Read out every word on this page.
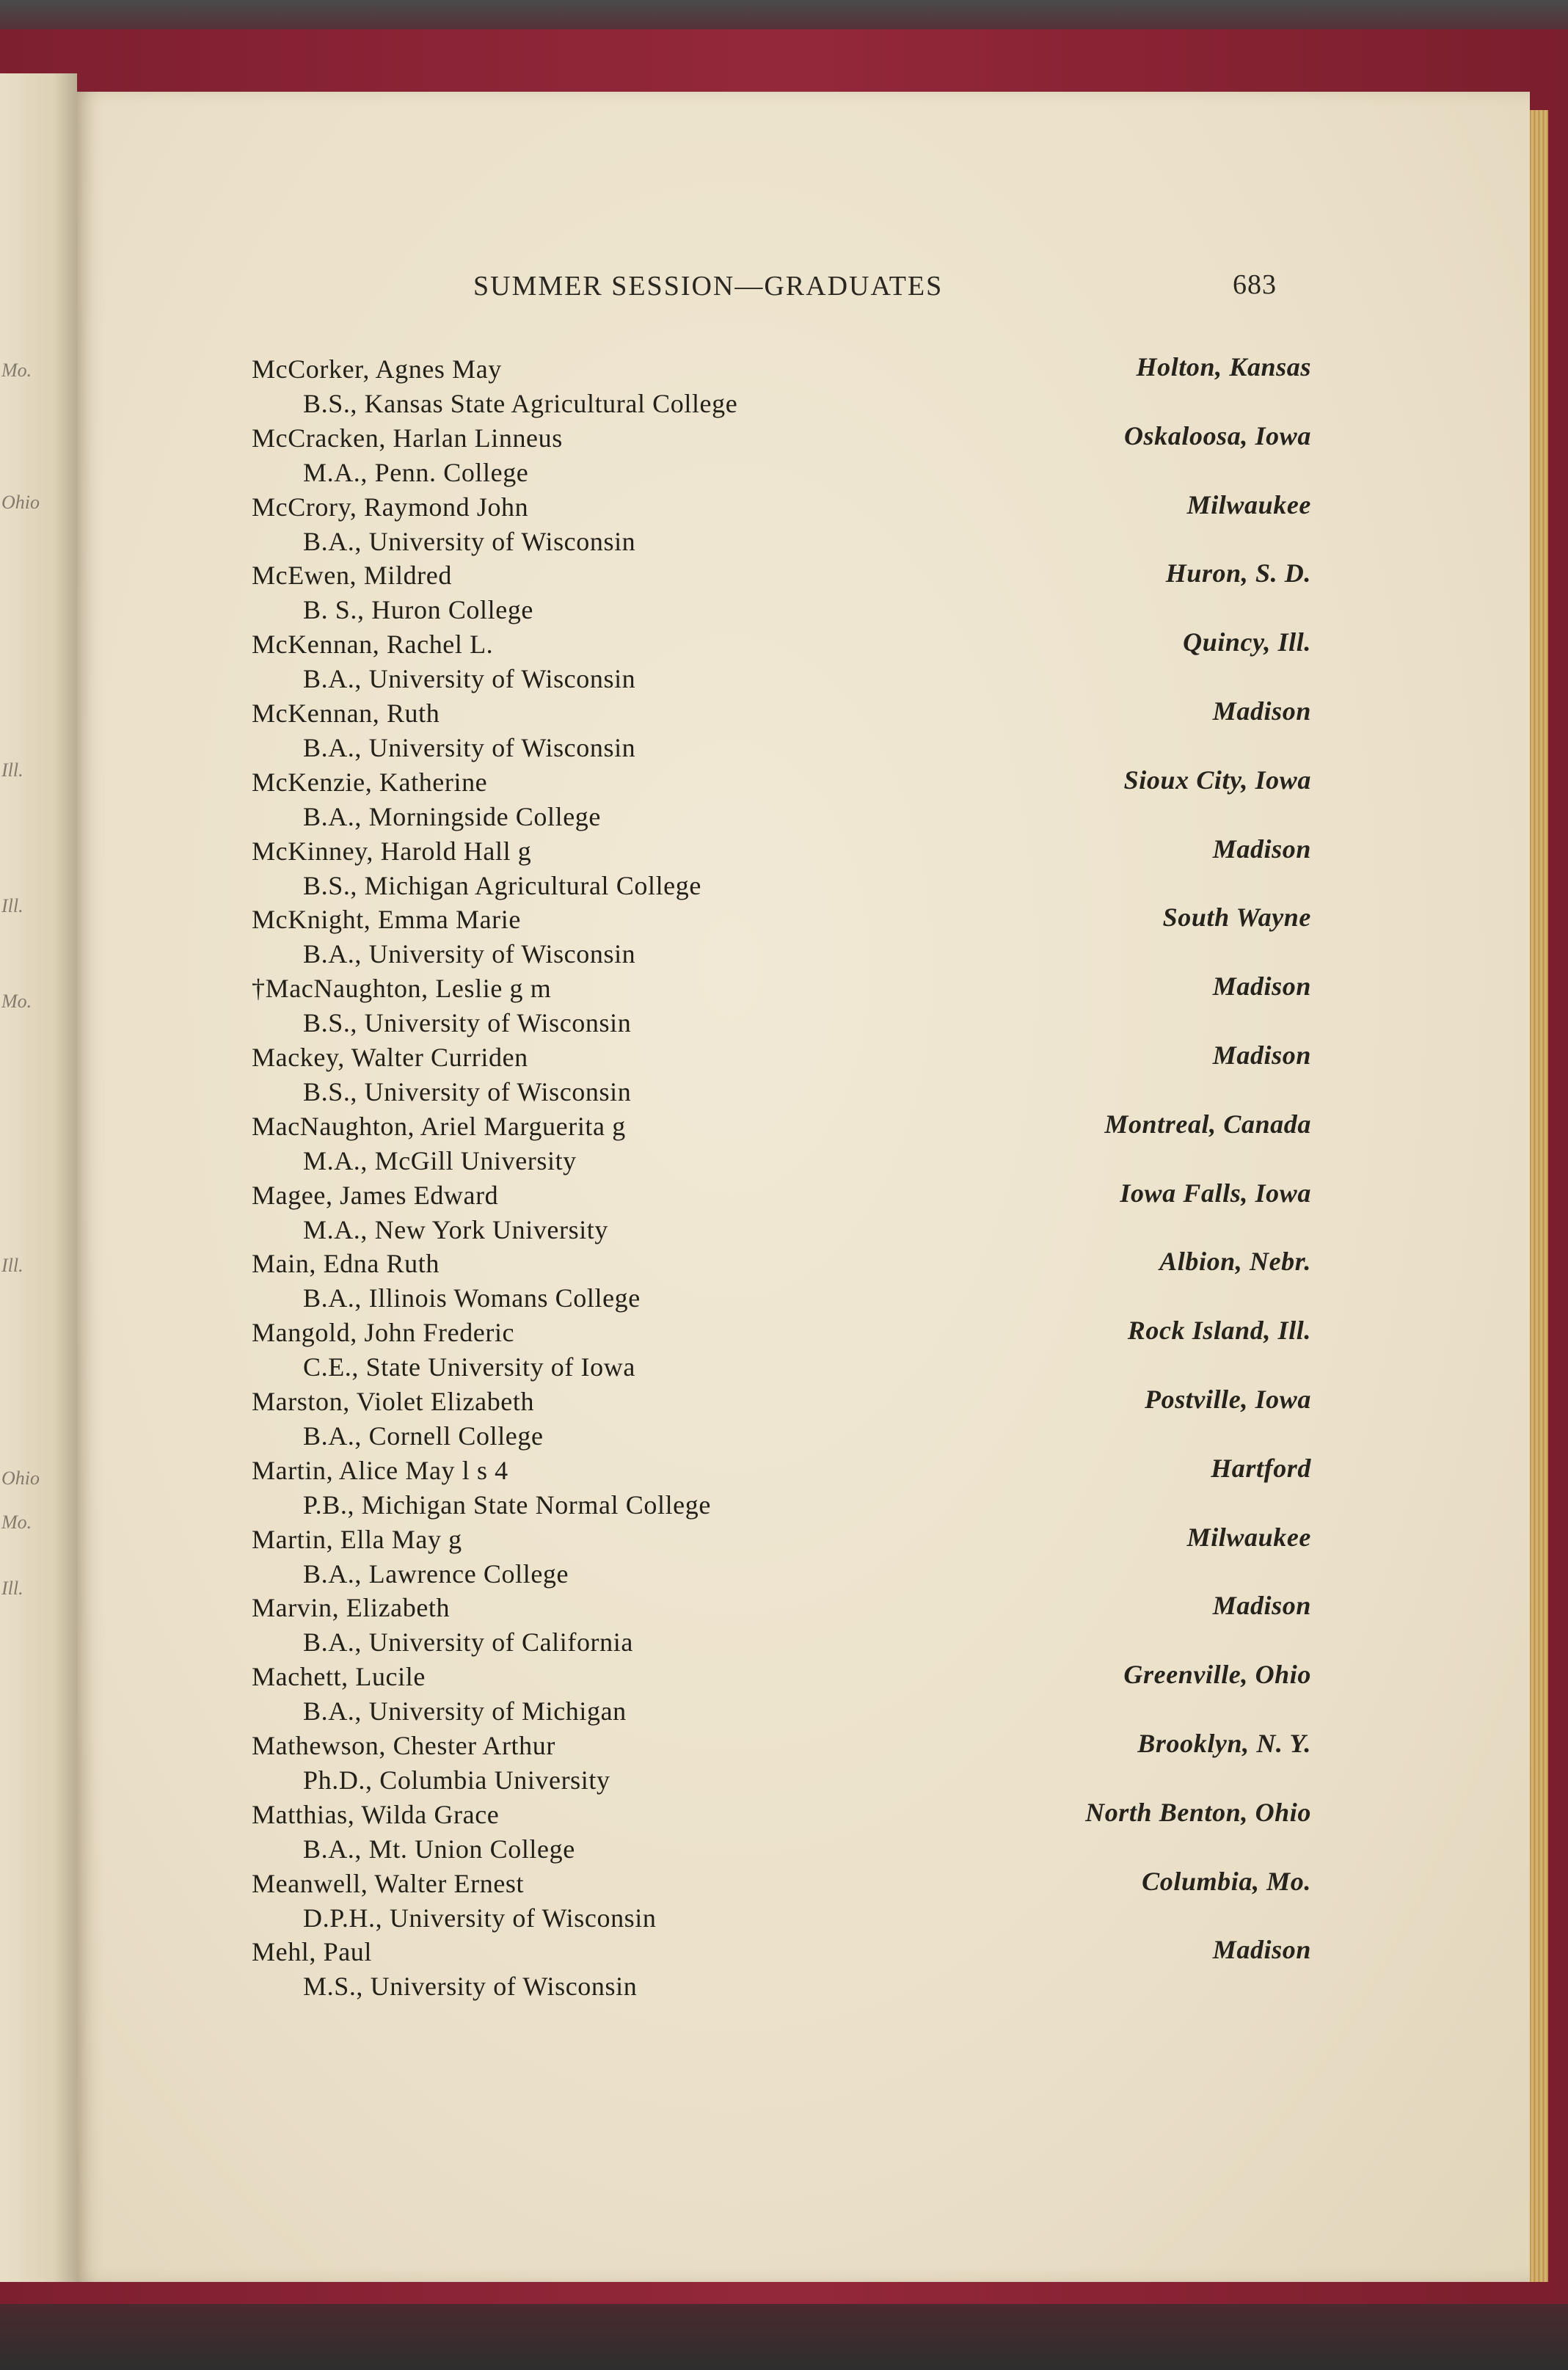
Mo.
Ohio
Ill.
Ill.
Mo.
Ill.
Ohio
Mo.
Ill.
SUMMER SESSION—GRADUATES	683
McCorker, Agnes May	Holton, Kansas
B.S., Kansas State Agricultural College
McCracken, Harlan Linneus	Oskaloosa, Iowa
M.A., Penn. College
McCrory, Raymond John	Milwaukee
B.A., University of Wisconsin
McEwen, Mildred	Huron, S. D.
B. S., Huron College
McKennan, Rachel L.	Quincy, Ill.
B.A., University of Wisconsin
McKennan, Ruth	Madison
B.A., University of Wisconsin
McKenzie, Katherine	Sioux City, Iowa
B.A., Morningside College
McKinney, Harold Hall g	Madison
B.S., Michigan Agricultural College
McKnight, Emma Marie	South Wayne
B.A., University of Wisconsin
†MacNaughton, Leslie g m	Madison
B.S., University of Wisconsin
Mackey, Walter Curriden	Madison
B.S., University of Wisconsin
MacNaughton, Ariel Marguerita g	Montreal, Canada
M.A., McGill University
Magee, James Edward	Iowa Falls, Iowa
M.A., New York University
Main, Edna Ruth	Albion, Nebr.
B.A., Illinois Womans College
Mangold, John Frederic	Rock Island, Ill.
C.E., State University of Iowa
Marston, Violet Elizabeth	Postville, Iowa
B.A., Cornell College
Martin, Alice May l s 4	Hartford
P.B., Michigan State Normal College
Martin, Ella May g	Milwaukee
B.A., Lawrence College
Marvin, Elizabeth	Madison
B.A., University of California
Machett, Lucile	Greenville, Ohio
B.A., University of Michigan
Mathewson, Chester Arthur	Brooklyn, N. Y.
Ph.D., Columbia University
Matthias, Wilda Grace	North Benton, Ohio
B.A., Mt. Union College
Meanwell, Walter Ernest	Columbia, Mo.
D.P.H., University of Wisconsin
Mehl, Paul	Madison
M.S., University of Wisconsin
